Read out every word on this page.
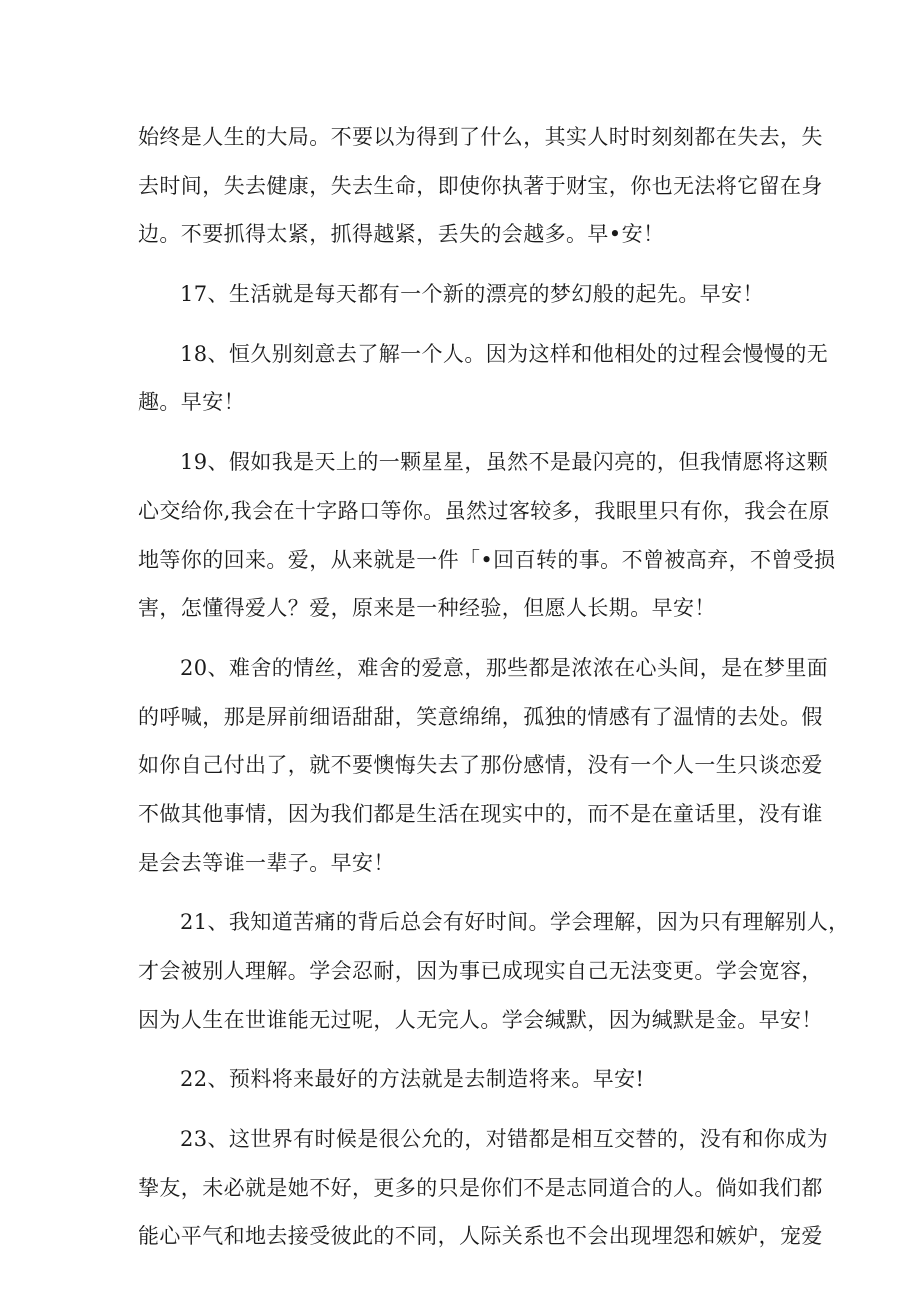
始终是人生的大局。不要以为得到了什么，其实人时时刻刻都在失去，失
去时间，失去健康，失去生命，即使你执著于财宝，你也无法将它留在身
边。不要抓得太紧，抓得越紧，丢失的会越多。早•安！

17、生活就是每天都有一个新的漂亮的梦幻般的起先。早安！

18、恒久别刻意去了解一个人。因为这样和他相处的过程会慢慢的无
趣。早安！

19、假如我是天上的一颗星星，虽然不是最闪亮的，但我情愿将这颗
心交给你,我会在十字路口等你。虽然过客较多，我眼里只有你，我会在原
地等你的回来。爱，从来就是一件「•回百转的事。不曾被高弃，不曾受损
害，怎懂得爱人？爱，原来是一种经验，但愿人长期。早安！

20、难舍的情丝，难舍的爱意，那些都是浓浓在心头间，是在梦里面
的呼喊，那是屏前细语甜甜，笑意绵绵，孤独的情感有了温情的去处。假
如你自己付出了，就不要懊悔失去了那份感情，没有一个人一生只谈恋爱
不做其他事情，因为我们都是生活在现实中的，而不是在童话里，没有谁
是会去等谁一辈子。早安！

21、我知道苦痛的背后总会有好时间。学会理解，因为只有理解别人，
才会被别人理解。学会忍耐，因为事已成现实自己无法变更。学会宽容，
因为人生在世谁能无过呢，人无完人。学会缄默，因为缄默是金。早安！

22、预料将来最好的方法就是去制造将来。早安!

23、这世界有时候是很公允的，对错都是相互交替的，没有和你成为
挚友，未必就是她不好，更多的只是你们不是志同道合的人。倘如我们都
能心平气和地去接受彼此的不同，人际关系也不会出现埋怨和嫉妒，宠爱
